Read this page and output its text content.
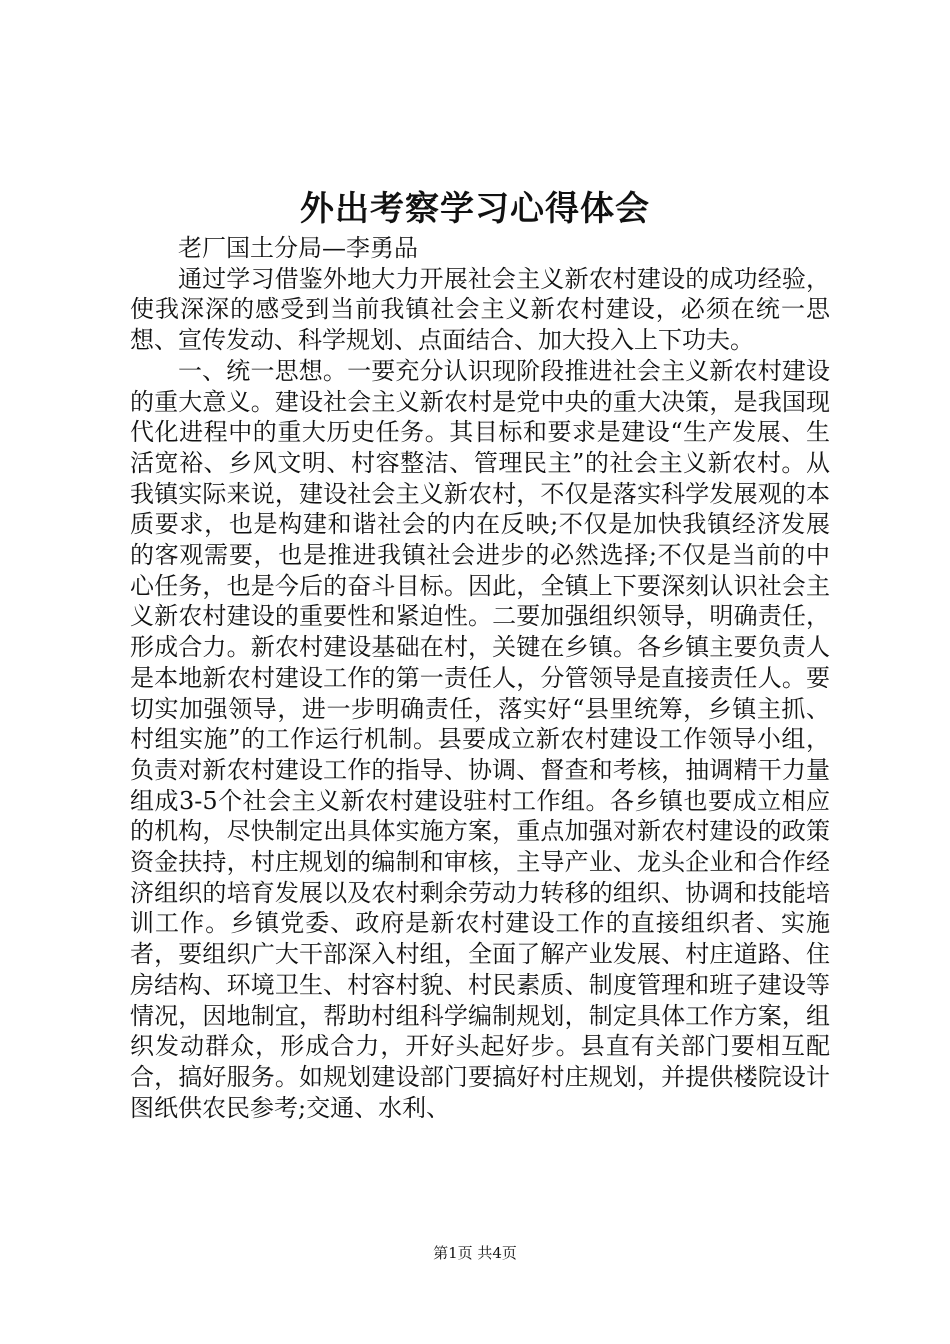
外出考察学习心得体会

老厂国土分局—李勇品

通过学习借鉴外地大力开展社会主义新农村建设的成功经验，使我深深的感受到当前我镇社会主义新农村建设，必须在统一思想、宣传发动、科学规划、点面结合、加大投入上下功夫。

一、统一思想。一要充分认识现阶段推进社会主义新农村建设的重大意义。建设社会主义新农村是党中央的重大决策，是我国现代化进程中的重大历史任务。其目标和要求是建设“生产发展、生活宽裕、乡风文明、村容整洁、管理民主”的社会主义新农村。从我镇实际来说，建设社会主义新农村，不仅是落实科学发展观的本质要求，也是构建和谐社会的内在反映;不仅是加快我镇经济发展的客观需要，也是推进我镇社会进步的必然选择;不仅是当前的中心任务，也是今后的奋斗目标。因此，全镇上下要深刻认识社会主义新农村建设的重要性和紧迫性。二要加强组织领导，明确责任，形成合力。新农村建设基础在村，关键在乡镇。各乡镇主要负责人是本地新农村建设工作的第一责任人，分管领导是直接责任人。要切实加强领导，进一步明确责任，落实好“县里统筹，乡镇主抓、村组实施”的工作运行机制。县要成立新农村建设工作领导小组，负责对新农村建设工作的指导、协调、督查和考核，抽调精干力量组成3-5个社会主义新农村建设驻村工作组。各乡镇也要成立相应的机构，尽快制定出具体实施方案，重点加强对新农村建设的政策资金扶持，村庄规划的编制和审核，主导产业、龙头企业和合作经济组织的培育发展以及农村剩余劳动力转移的组织、协调和技能培训工作。乡镇党委、政府是新农村建设工作的直接组织者、实施者，要组织广大干部深入村组，全面了解产业发展、村庄道路、住房结构、环境卫生、村容村貌、村民素质、制度管理和班子建设等情况，因地制宜，帮助村组科学编制规划，制定具体工作方案，组织发动群众，形成合力，开好头起好步。县直有关部门要相互配合，搞好服务。如规划建设部门要搞好村庄规划，并提供楼院设计图纸供农民参考;交通、水利、

第1页 共4页
